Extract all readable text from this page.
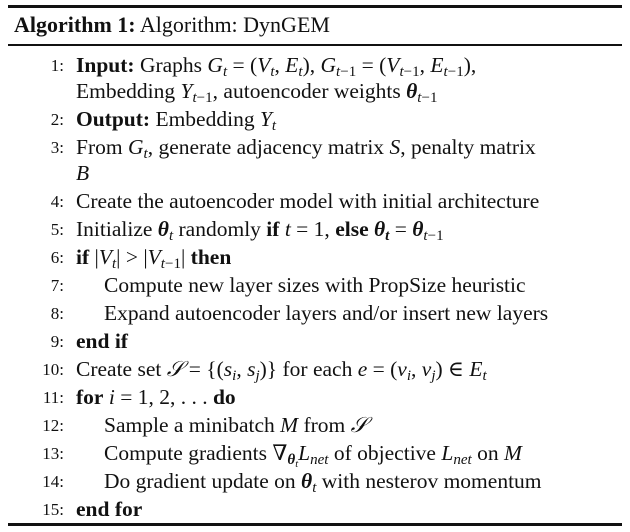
Algorithm 1: Algorithm: DynGEM
1: Input: Graphs $G_t = (V_t$, $E_t$), $G_{t-1} = (V_{t-1}$, $E_{t-1}$),
Embedding $Y_{t-1}$, autoencoder weights $\theta_{t-1}$
2: Output: Embedding $Y_t$
3: From $G_t$, generate adjacency matrix S, penalty matrix
B
4: Create the autoencoder model with initial architecture
5: Initialize $\theta_t$ randomly if t = 1, else $\theta_t = \theta_{t-1}$
6: if $|V_t| > |V_{t-1}|$ then
7: Compute new layer sizes with PropSize heuristic
8: Expand autoencoder layers and/or insert new layers
9: end if
10: Create set 𝒮 = {($s_i$, $s_j$)} for each $e = (v_i$, $v_j$) ∈ $E_t$
11: for i = 1, 2, . . . do
12: Sample a minibatch M from 𝒮
13: Compute gradients $\nabla_{\theta_t}L_{net}$ of objective $L_{net}$ on M
14: Do gradient update on $\theta_t$ with nesterov momentum
15: end for
